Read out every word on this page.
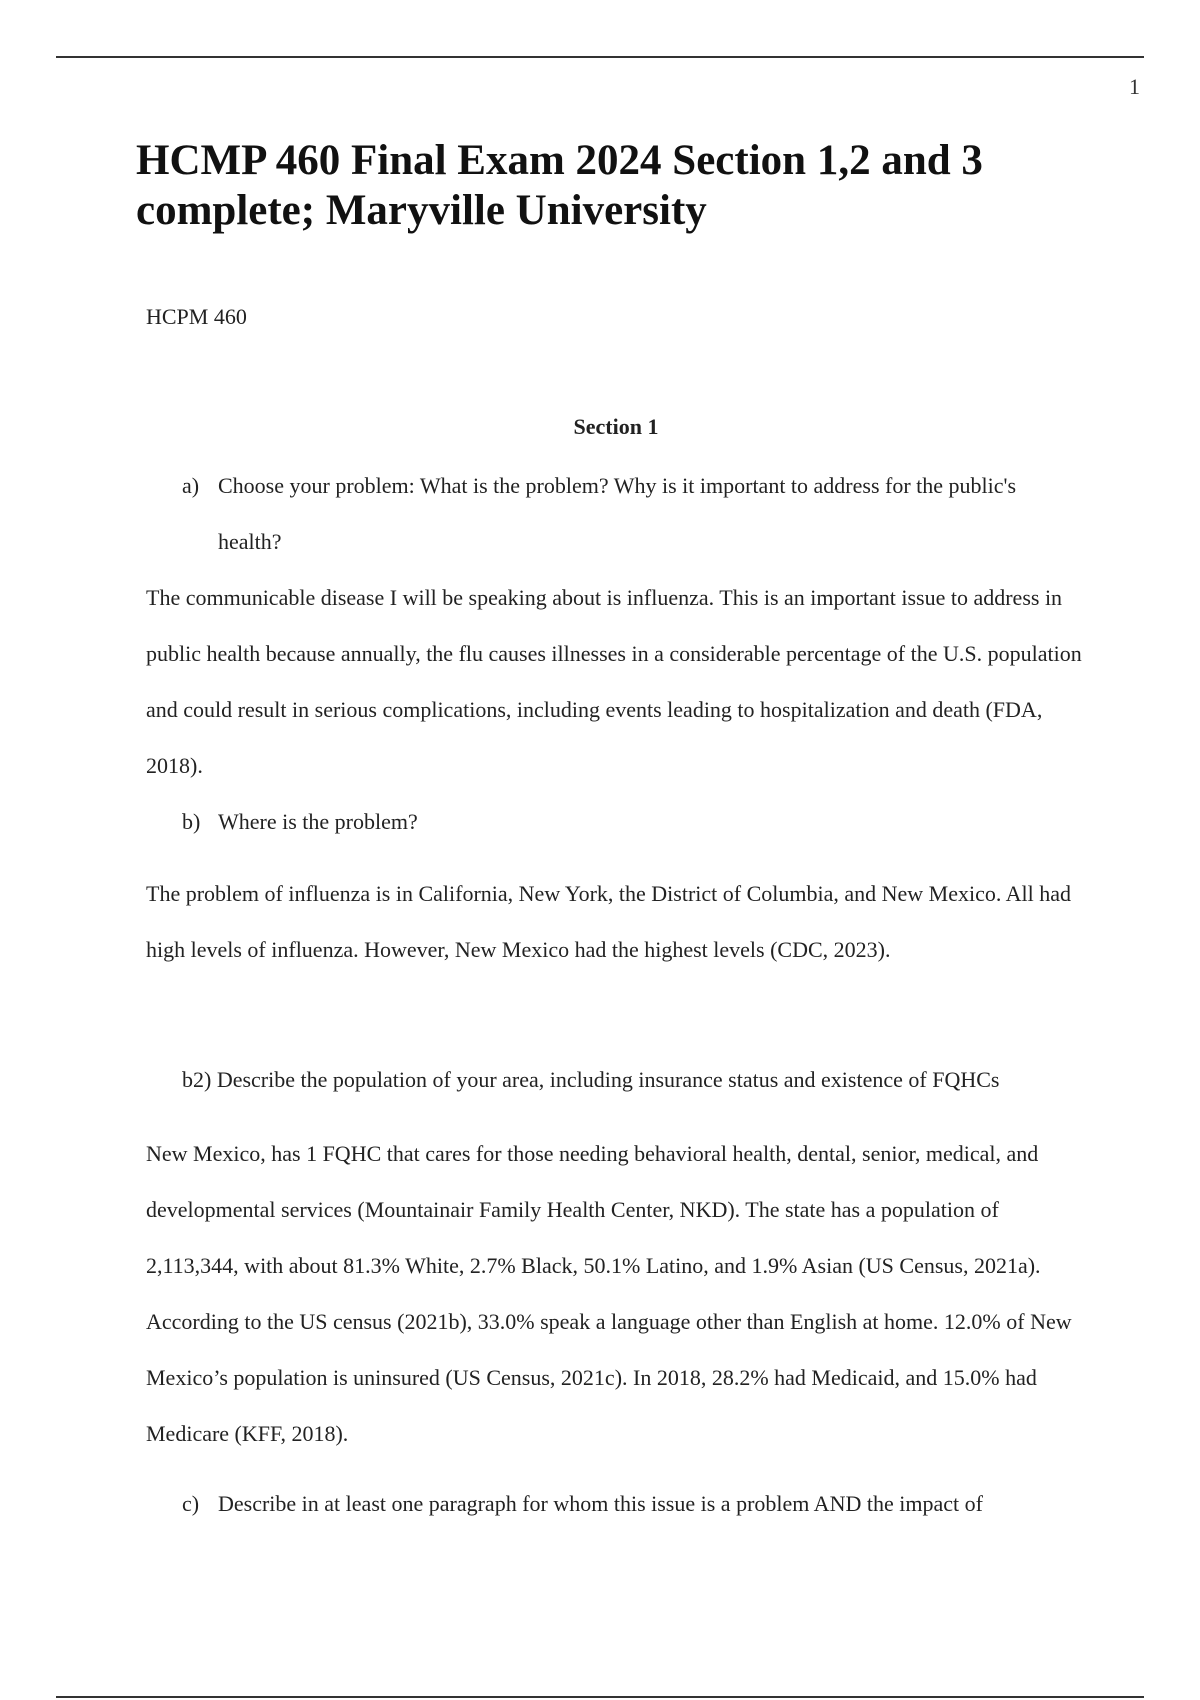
1
HCMP 460 Final Exam 2024 Section 1,2 and 3
complete; Maryville University
HCPM 460
Section 1
a) Choose your problem: What is the problem? Why is it important to address for the public's health?

The communicable disease I will be speaking about is influenza. This is an important issue to address in public health because annually, the flu causes illnesses in a considerable percentage of the U.S. population and could result in serious complications, including events leading to hospitalization and death (FDA, 2018).

b) Where is the problem?

The problem of influenza is in California, New York, the District of Columbia, and New Mexico. All had high levels of influenza. However, New Mexico had the highest levels (CDC, 2023).

b2) Describe the population of your area, including insurance status and existence of FQHCs

New Mexico, has 1 FQHC that cares for those needing behavioral health, dental, senior, medical, and developmental services (Mountainair Family Health Center, NKD). The state has a population of 2,113,344, with about 81.3% White, 2.7% Black, 50.1% Latino, and 1.9% Asian (US Census, 2021a). According to the US census (2021b), 33.0% speak a language other than English at home. 12.0% of New Mexico’s population is uninsured (US Census, 2021c). In 2018, 28.2% had Medicaid, and 15.0% had Medicare (KFF, 2018).

c) Describe in at least one paragraph for whom this issue is a problem AND the impact of
